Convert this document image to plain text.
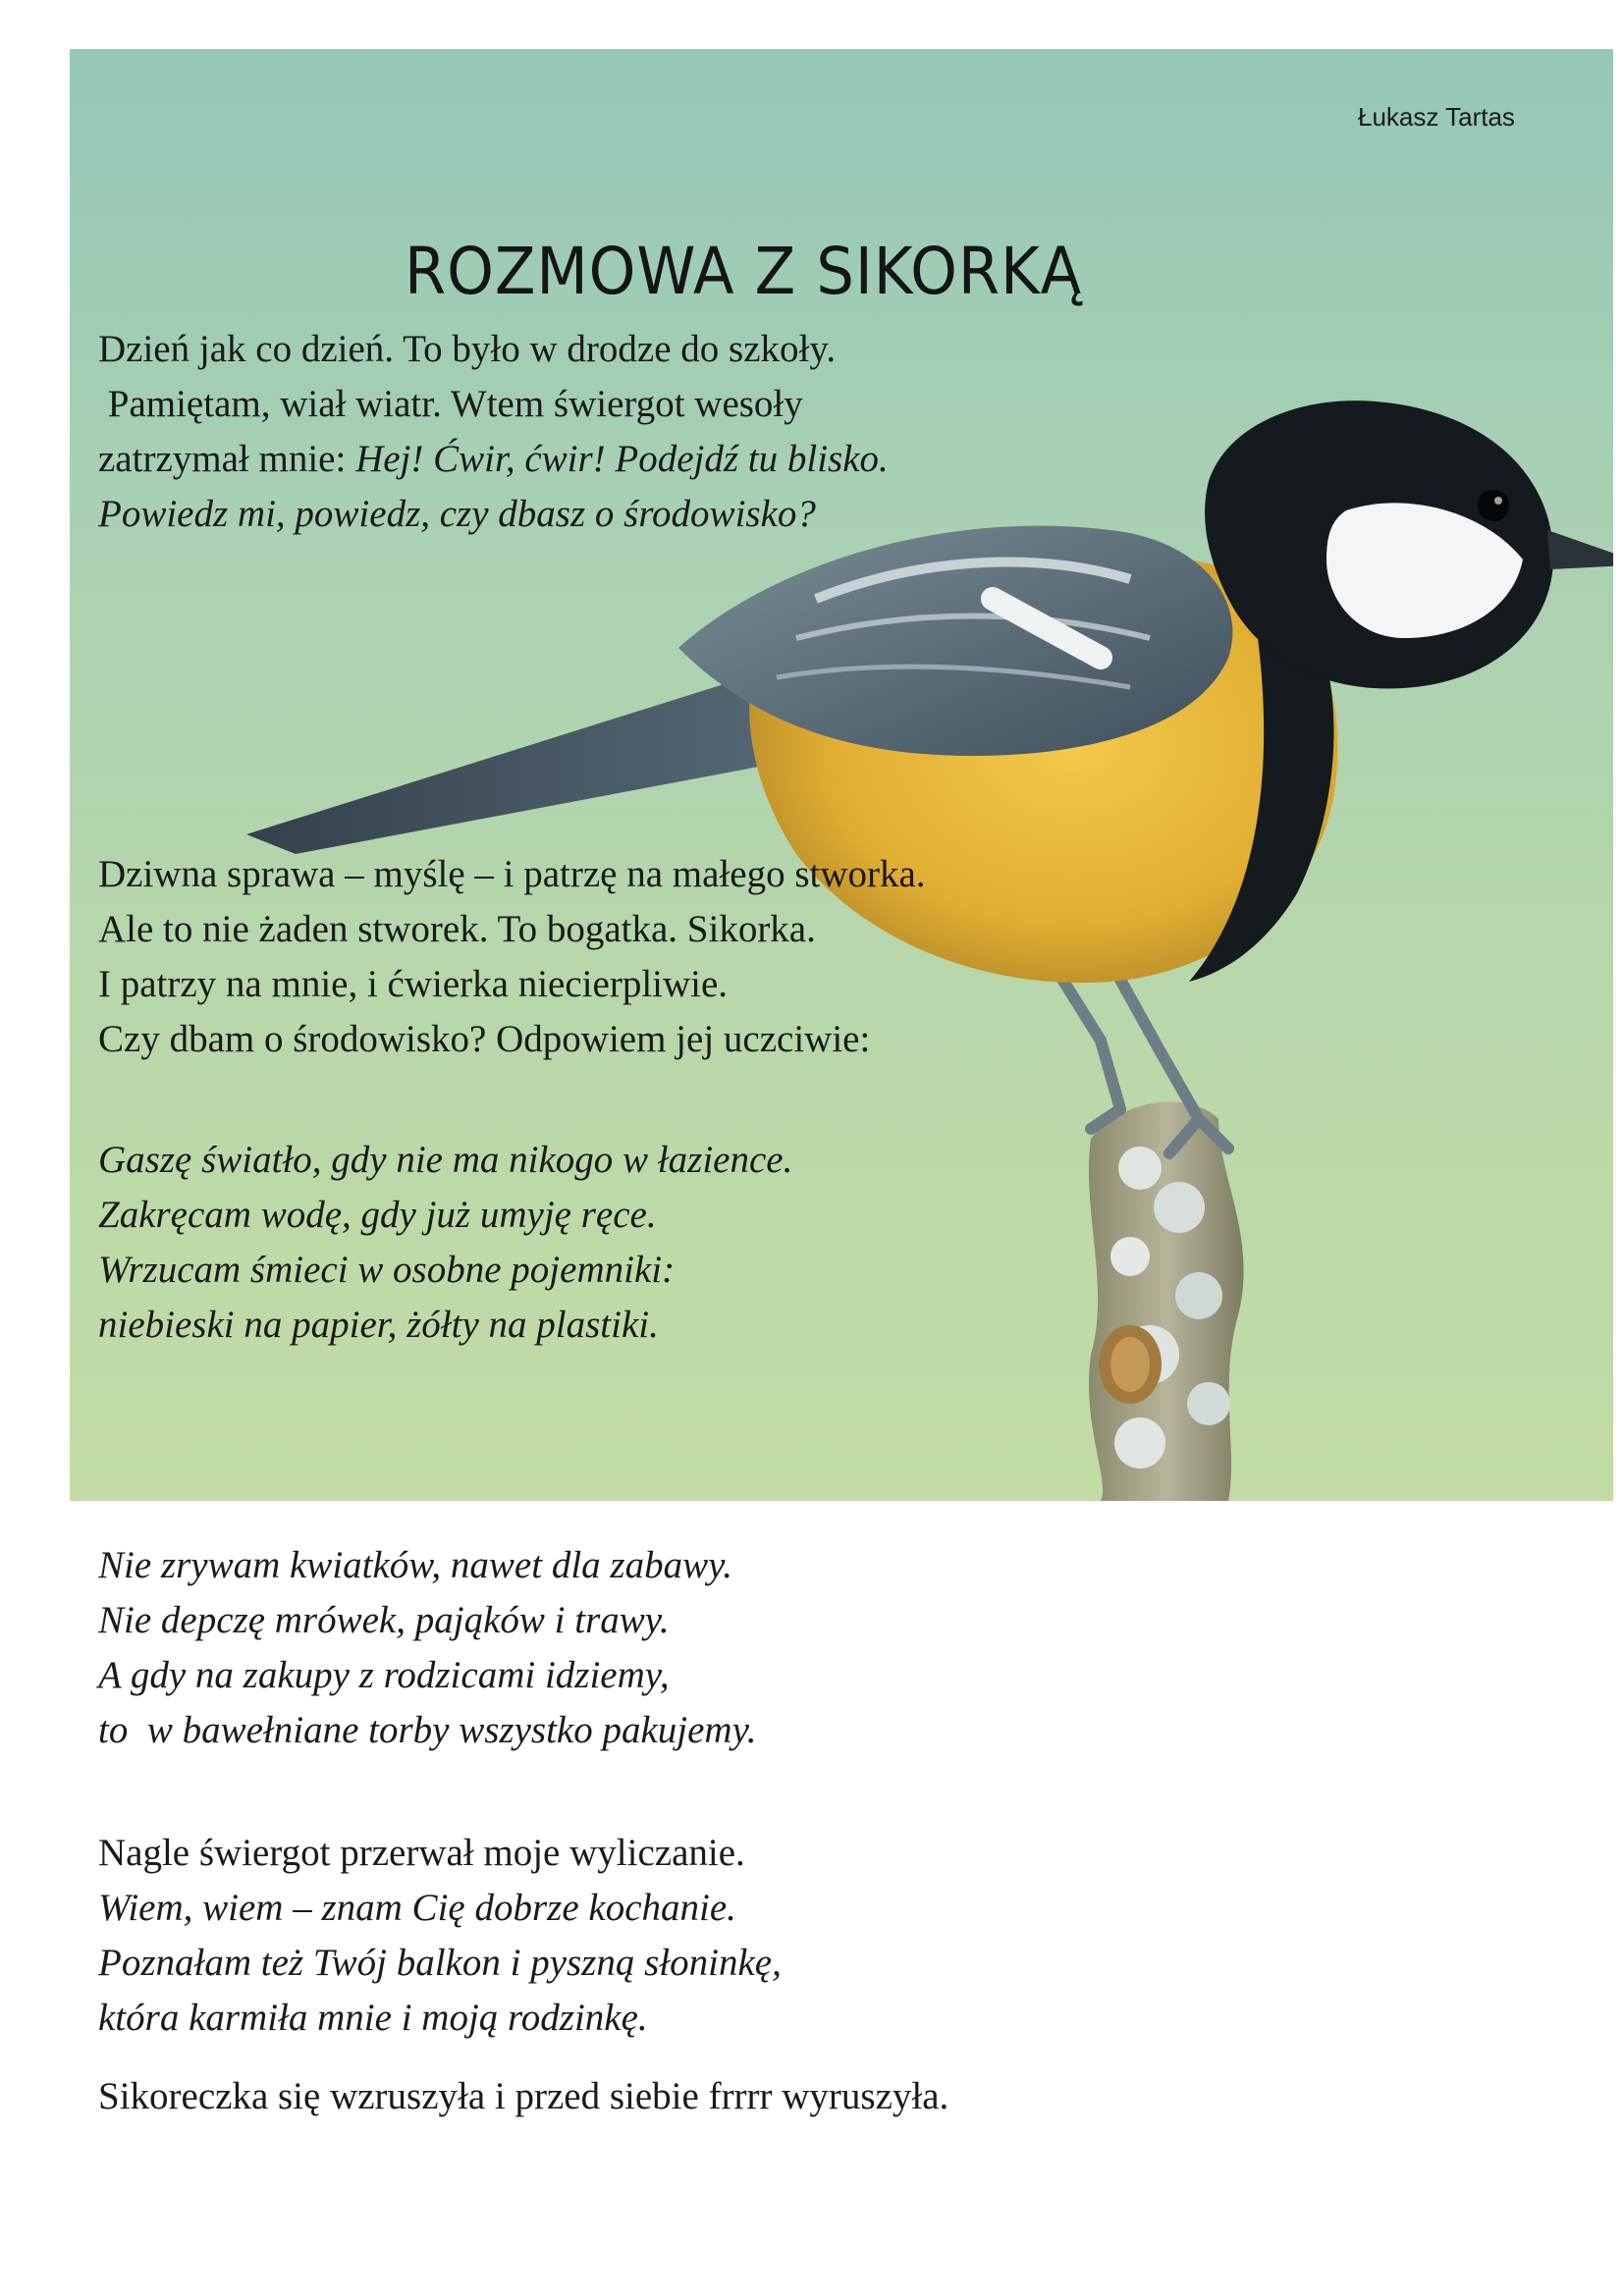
Łukasz Tartas
ROZMOWA Z SIKORKĄ
Dzień jak co dzień. To było w drodze do szkoły.
Pamiętam, wiał wiatr. Wtem świergot wesoły
zatrzymał mnie: Hej! Ćwir, ćwir! Podejdź tu blisko.
Powiedz mi, powiedz, czy dbasz o środowisko?
Dziwna sprawa – myślę – i patrzę na małego stworka.
Ale to nie żaden stworek. To bogatka. Sikorka.
I patrzy na mnie, i ćwierka niecierpliwie.
Czy dbam o środowisko? Odpowiem jej uczciwie:
Gaszę światło, gdy nie ma nikogo w łazience.
Zakręcam wodę, gdy już umyję ręce.
Wrzucam śmieci w osobne pojemniki:
niebieski na papier, żółty na plastiki.
Nie zrywam kwiatków, nawet dla zabawy.
Nie depczę mrówek, pająków i trawy.
A gdy na zakupy z rodzicami idziemy,
to  w bawełniane torby wszystko pakujemy.
Nagle świergot przerwał moje wyliczanie.
Wiem, wiem – znam Cię dobrze kochanie.
Poznałam też Twój balkon i pyszną słoninkę,
która karmiła mnie i moją rodzinkę.
Sikoreczka się wzruszyła i przed siebie frrrr wyruszyła.
